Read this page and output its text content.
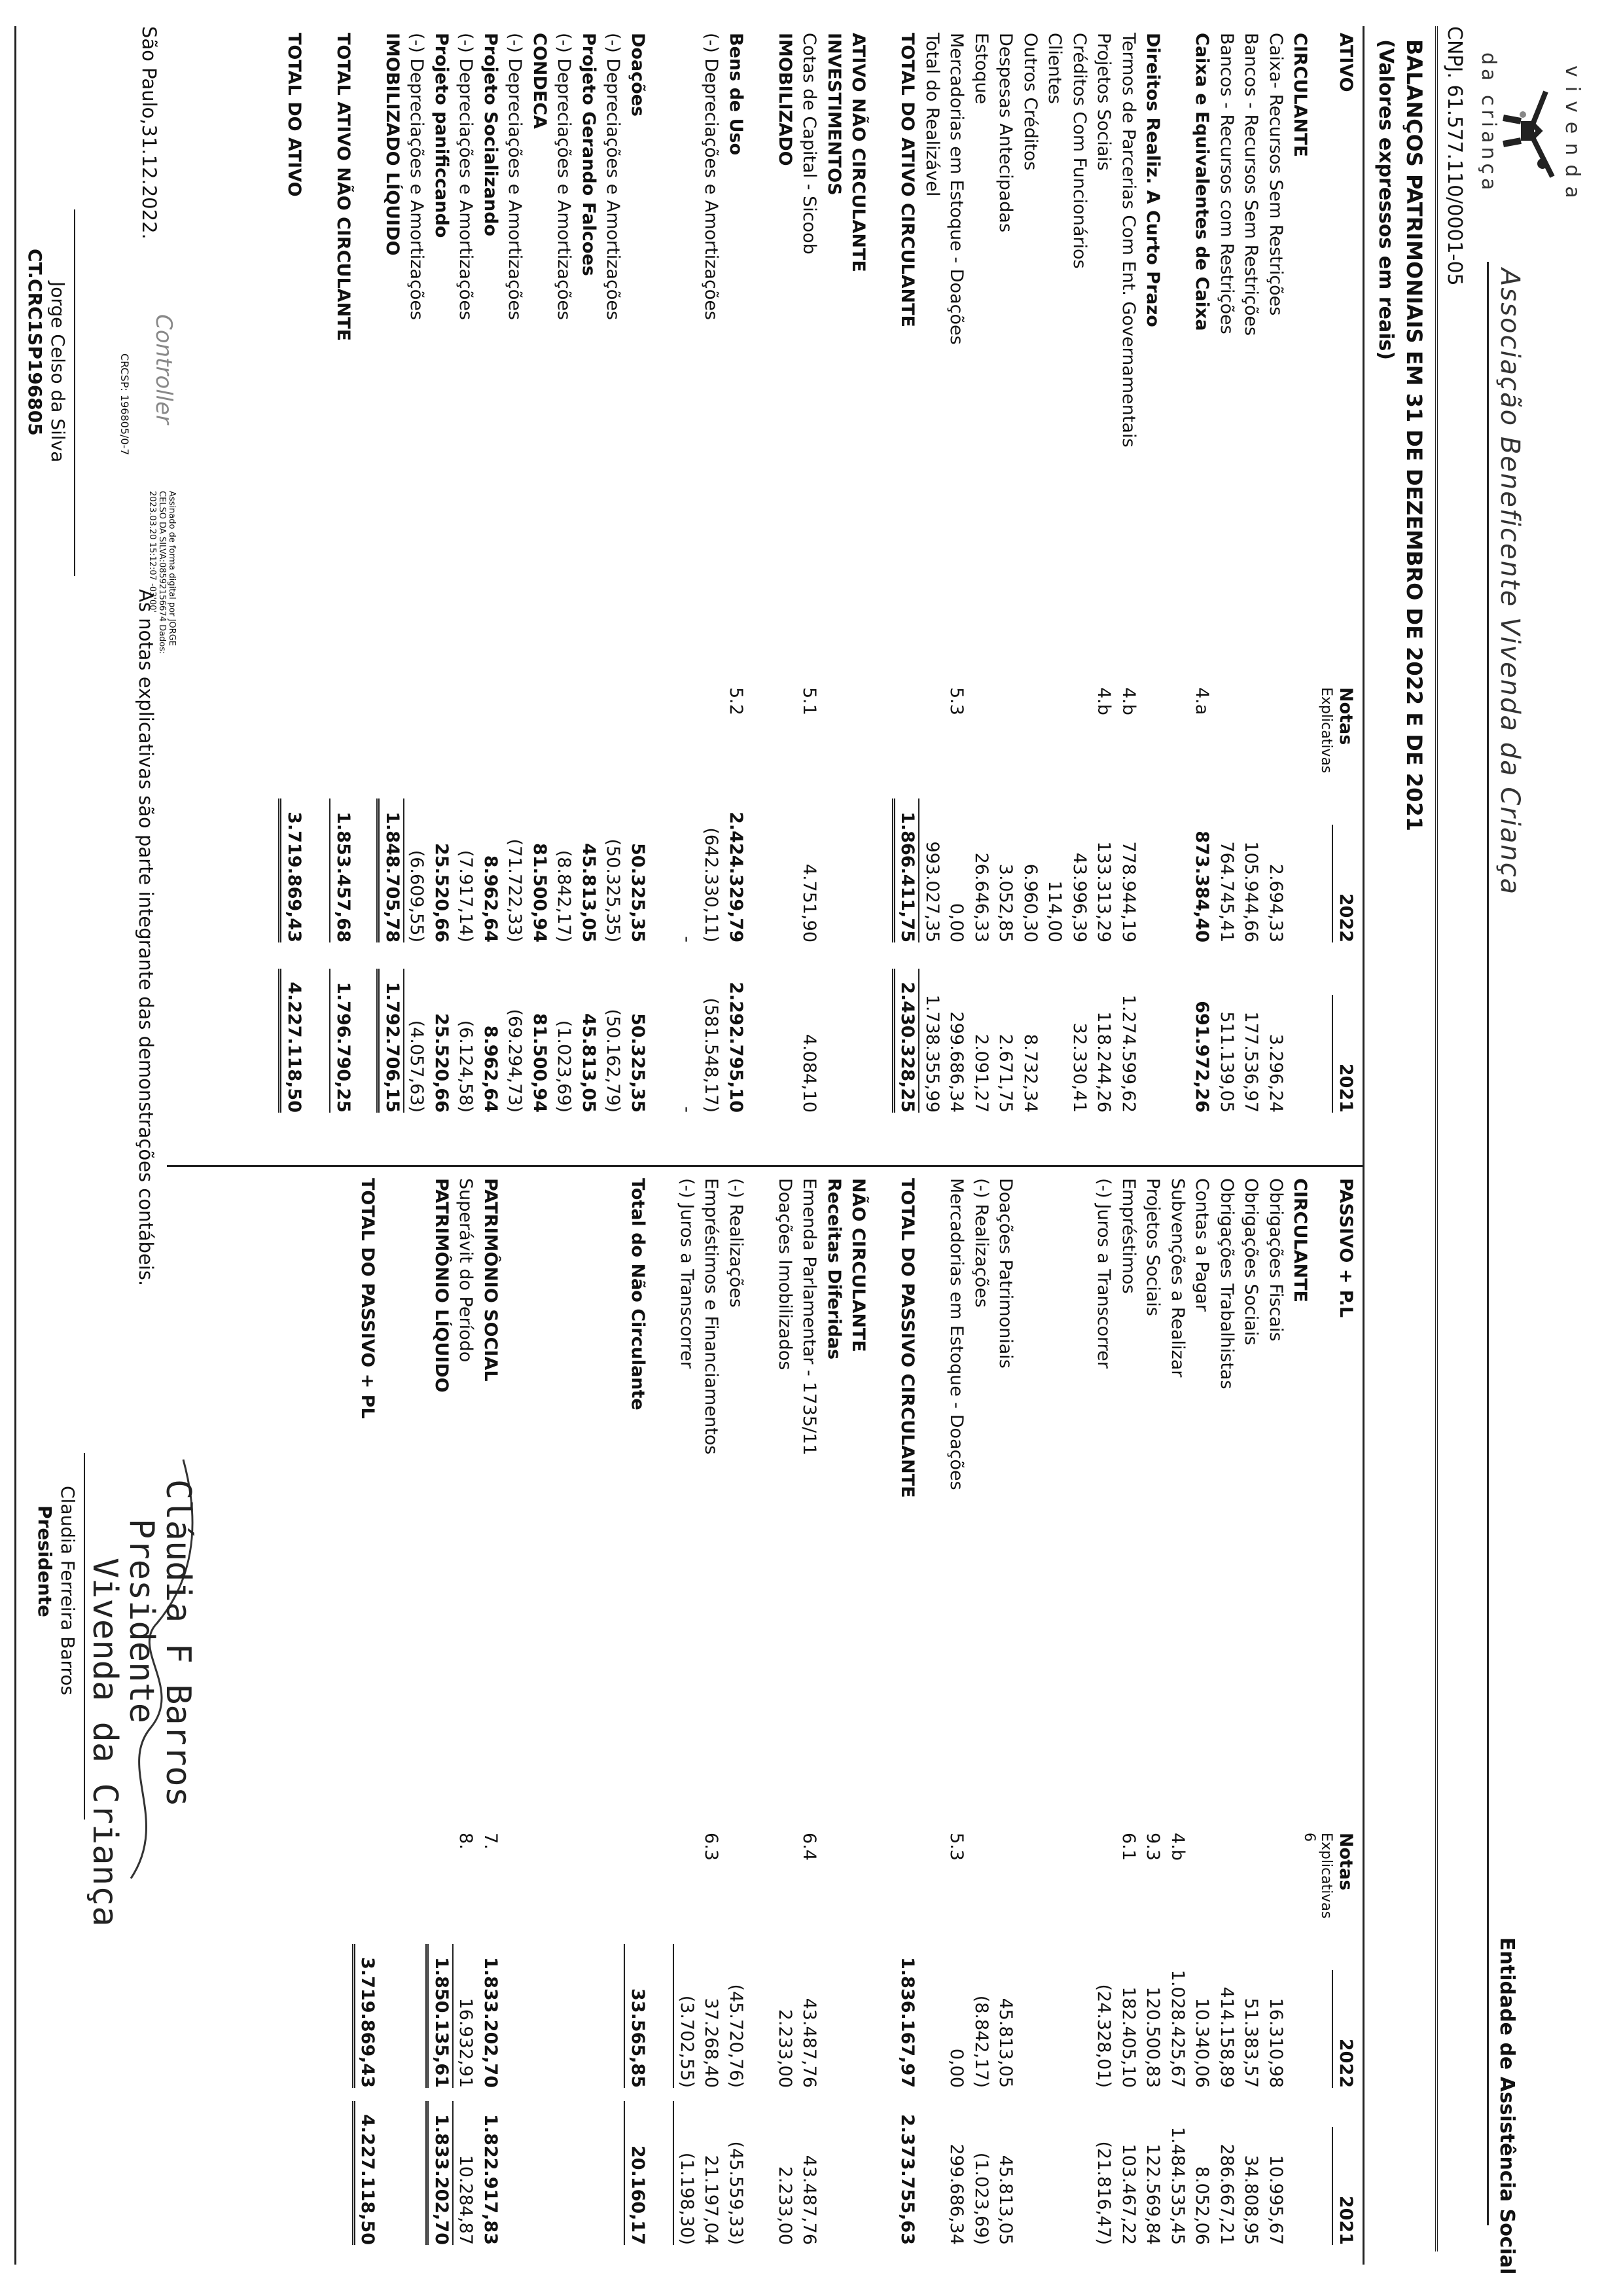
vivenda
da criança
Associação Beneficente Vivenda da Criança
Entidade de Assistência Social
CNPJ. 61.577.110/0001-05
BALANÇOS PATRIMONIAIS EM 31 DE DEZEMBRO DE 2022 E DE 2021
(Valores expressos em reais)
ATIVO
Notas
2022
2021
Explicativas
CIRCULANTE
Caixa- Recursos Sem Restrições
2.694,33
3.296,24
Bancos - Recursos Sem Restrições
105.944,66
177.536,97
Bancos - Recursos com Restrições
764.745,41
511.139,05
Caixa e Equivalentes de Caixa
4.a
873.384,40
691.972,26
Direitos Realiz. A Curto Prazo
Termos de Parcerias Com Ent. Governamentais
4.b
778.944,19
1.274.599,62
Projetos Sociais
4.b
133.313,29
118.244,26
Créditos Com Funcionários
43.996,39
32.330,41
Clientes
114,00
Outros Créditos
6.960,30
8.732,34
Despesas Antecipadas
3.052,85
2.671,75
Estoque
26.646,33
2.091,27
Mercadorias em Estoque - Doações
5.3
0,00
299.686,34
Total do Realizável
993.027,35
1.738.355,99
TOTAL DO ATIVO CIRCULANTE
1.866.411,75
2.430.328,25
ATIVO NÃO CIRCULANTE
INVESTIMENTOS
Cotas de Capital - Sicoob
5.1
4.751,90
4.084,10
IMOBILIZADO
Bens de Uso
5.2
2.424.329,79
2.292.795,10
(-) Depreciações e Amortizações
(642.330,11)
(581.548,17)
-
-
Doações
50.325,35
50.325,35
(-) Depreciações e Amortizações
(50.325,35)
(50.162,79)
Projeto Gerando Falcoes
45.813,05
45.813,05
(-) Depreciações e Amortizações
(8.842,17)
(1.023,69)
CONDECA
81.500,94
81.500,94
(-) Depreciações e Amortizações
(71.722,33)
(69.294,73)
Projeto Socializando
8.962,64
8.962,64
(-) Depreciações e Amortizações
(7.917,14)
(6.124,58)
Projeto panificcando
25.520,66
25.520,66
(-) Depreciações e Amortizações
(6.609,55)
(4.057,63)
IMOBILIZADO LÍQUIDO
1.848.705,78
1.792.706,15
TOTAL ATIVO NÃO CIRCULANTE
1.853.457,68
1.796.790,25
TOTAL DO ATIVO
3.719.869,43
4.227.118,50
PASSIVO + P.L
Notas
2022
2021
Explicativas
6
CIRCULANTE
Obrigações Fiscais
16.310,98
10.995,67
Obrigações Sociais
51.383,57
34.808,95
Obrigações Trabalhistas
414.158,89
286.667,21
Contas a Pagar
10.340,06
8.052,06
Subvenções a Realizar
4.b
1.028.425,67
1.484.535,45
Projetos Sociais
9.3
120.500,83
122.569,84
Empréstimos
6.1
182.405,10
103.467,22
(-) Juros a Transcorrer
(24.328,01)
(21.816,47)
Doações Patrimoniais
45.813,05
45.813,05
(-) Realizações
(8.842,17)
(1.023,69)
Mercadorias em Estoque - Doações
5.3
0,00
299.686,34
TOTAL DO PASSIVO CIRCULANTE
1.836.167,97
2.373.755,63
NÃO CIRCULANTE
Receitas Diferidas
Emenda Parlamentar - 1735/11
6.4
43.487,76
43.487,76
Doações Imobilizados
2.233,00
2.233,00
(-) Realizações
(45.720,76)
(45.559,33)
Empréstimos e Financiamentos
6.3
37.268,40
21.197,04
(-) Juros a Transcorrer
(3.702,55)
(1.198,30)
Total do Não Circulante
33.565,85
20.160,17
PATRIMÔNIO SOCIAL
7.
1.833.202,70
1.822.917,83
Superávit do Período
8.
16.932,91
10.284,87
PATRIMÔNIO LÍQUIDO
1.850.135,61
1.833.202,70
TOTAL DO PASSIVO + PL
3.719.869,43
4.227.118,50
As notas explicativas são parte integrante das demonstrações contábeis.
São Paulo,31.12.2022.
Controller
CRCSP: 196805/0-7
Assinado de forma digital por JORGE CELSO DA SILVA:08592156674 Dados: 2023.03.20 15:12:07 -03'00'
Jorge Celso da Silva
CT.CRC1SP196805
Cláudia F Barros
Presidente
Vivenda da Criança
Claudia Ferreira Barros
Presidente
